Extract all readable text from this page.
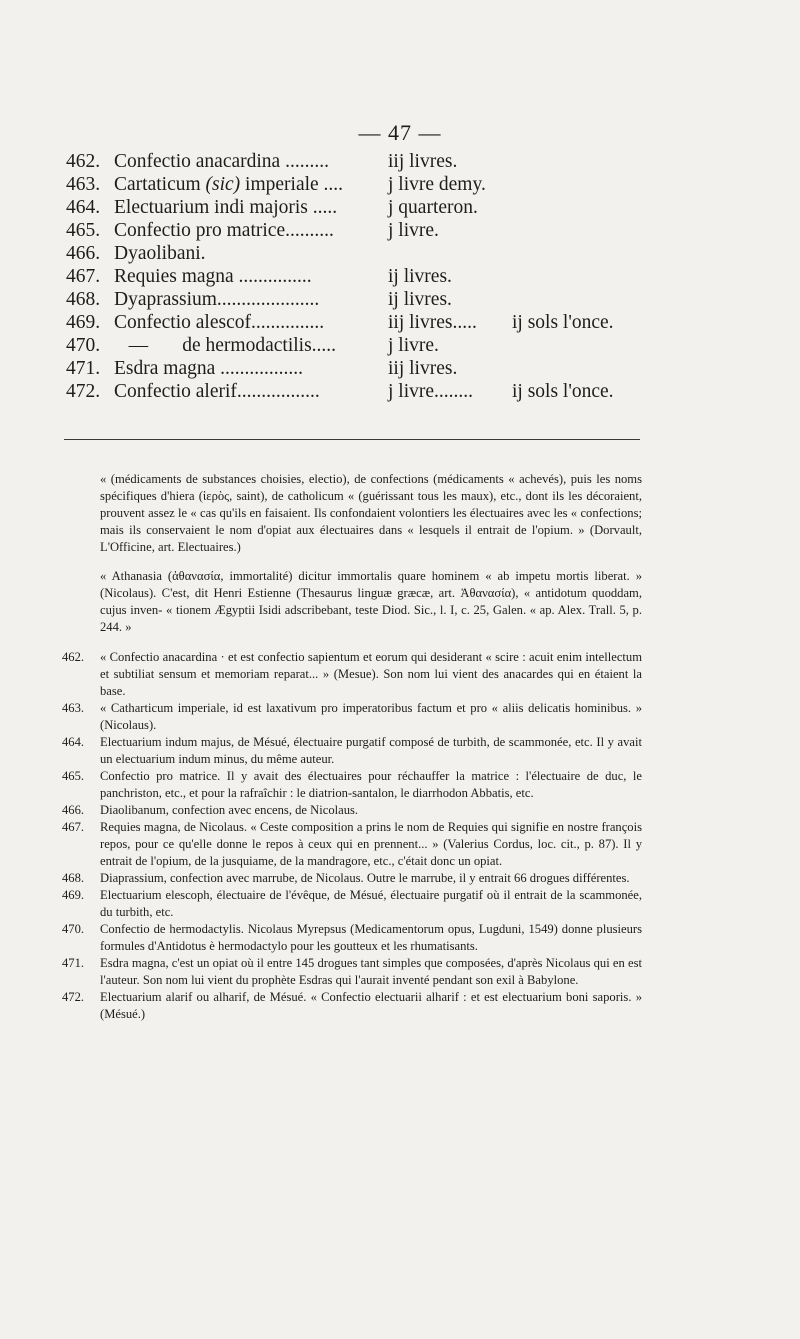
— 47 —
462. Confectio anacardina .........	iij livres.
463. Cartaticum (sic) imperiale .... j livre demy.
464. Electuarium indi majoris .....	j quarteron.
465. Confectio pro matrice..........	j livre.
466. Dyaolibani.
467. Requies magna ...............	ij livres.
468. Dyaprassium.....................	ij livres.
469. Confectio alescof...............	iij livres..... ij sols l'once.
470. —       de hermodactilis.....	j livre.
471. Esdra magna .................	iij livres.
472. Confectio alerif.................	j livre........ ij sols l'once.

« (médicaments de substances choisies, electio), de confections (médicaments « achevés), puis les noms spécifiques d'hiera (ἱερὸς, saint), de catholicum « (guérissant tous les maux), etc., dont ils les décoraient, prouvent assez le « cas qu'ils en faisaient. Ils confondaient volontiers les électuaires avec les « confections; mais ils conservaient le nom d'opiat aux électuaires dans « lesquels il entrait de l'opium. » (Dorvault, L'Officine, art. Electuaires.)

« Athanasia (ἀθανασία, immortalité) dicitur immortalis quare hominem « ab impetu mortis liberat. » (Nicolaus). C'est, dit Henri Estienne (Thesaurus linguæ græcæ, art. Ἀθανασία), « antidotum quoddam, cujus inven- « tionem Ægyptii Isidi adscribebant, teste Diod. Sic., l. I, c. 25, Galen. « ap. Alex. Trall. 5, p. 244. »

462. « Confectio anacardina · et est confectio sapientum et eorum qui desiderant « scire : acuit enim intellectum et subtiliat sensum et memoriam reparat... » (Mesue). Son nom lui vient des anacardes qui en étaient la base.

463. « Catharticum imperiale, id est laxativum pro imperatoribus factum et pro « aliis delicatis hominibus. » (Nicolaus).

464. Electuarium indum majus, de Mésué, électuaire purgatif composé de turbith, de scammonée, etc. Il y avait un electuarium indum minus, du même auteur.

465. Confectio pro matrice. Il y avait des électuaires pour réchauffer la matrice : l'électuaire de duc, le panchriston, etc., et pour la rafraîchir : le diatrion-santalon, le diarrhodon Abbatis, etc.

466. Diaolibanum, confection avec encens, de Nicolaus.

467. Requies magna, de Nicolaus. « Ceste composition a prins le nom de Requies qui signifie en nostre françois repos, pour ce qu'elle donne le repos à ceux qui en prennent... » (Valerius Cordus, loc. cit., p. 87). Il y entrait de l'opium, de la jusquiame, de la mandragore, etc., c'était donc un opiat.

468. Diaprassium, confection avec marrube, de Nicolaus. Outre le marrube, il y entrait 66 drogues différentes.

469. Electuarium elescoph, électuaire de l'évêque, de Mésué, électuaire purgatif où il entrait de la scammonée, du turbith, etc.

470. Confectio de hermodactylis. Nicolaus Myrepsus (Medicamentorum opus, Lugduni, 1549) donne plusieurs formules d'Antidotus è hermodactylo pour les goutteux et les rhumatisants.

471. Esdra magna, c'est un opiat où il entre 145 drogues tant simples que composées, d'après Nicolaus qui en est l'auteur. Son nom lui vient du prophète Esdras qui l'aurait inventé pendant son exil à Babylone.

472. Electuarium alarif ou alharif, de Mésué. « Confectio electuarii alharif : et est electuarium boni saporis. » (Mésué.)
